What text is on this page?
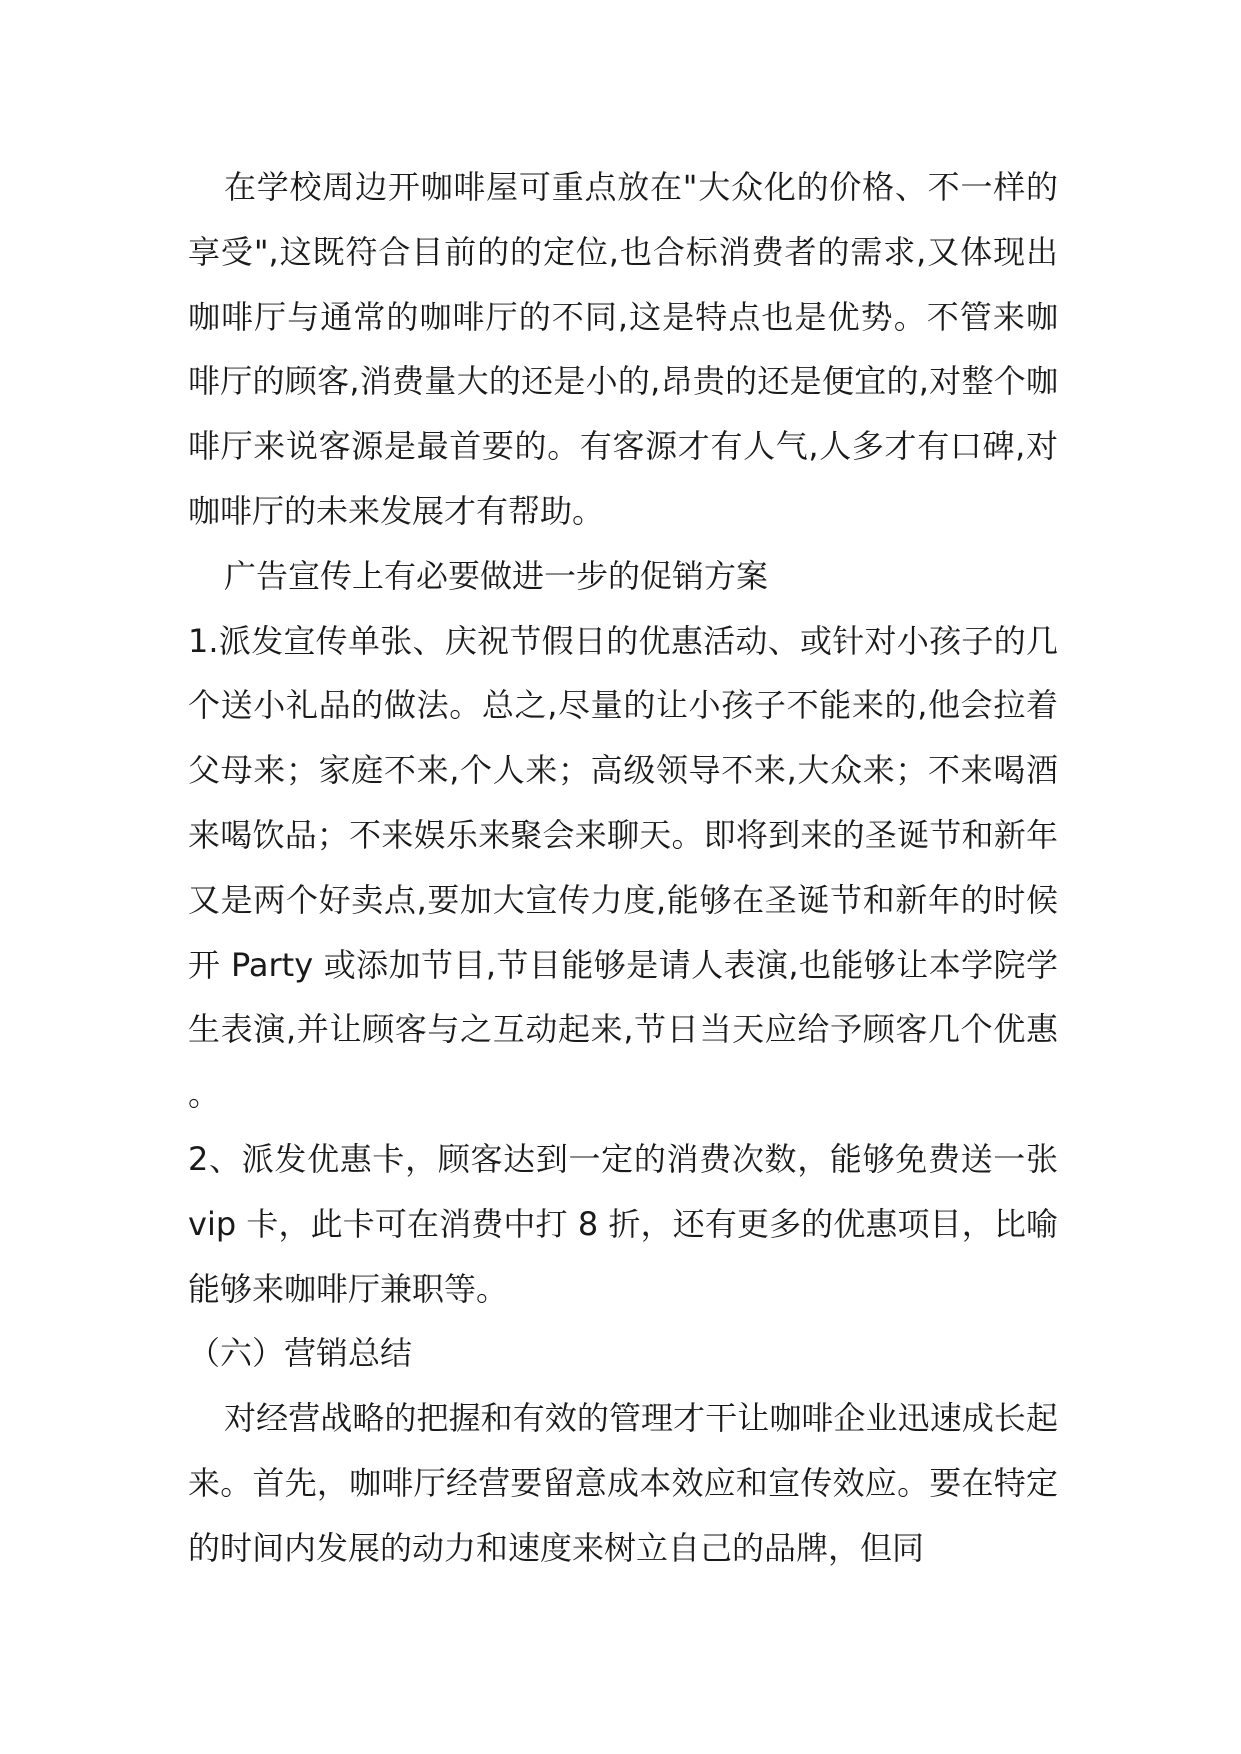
在学校周边开咖啡屋可重点放在"大众化的价格、不一样的享受",这既符合目前的的定位,也合标消费者的需求,又体现出咖啡厅与通常的咖啡厅的不同,这是特点也是优势。不管来咖啡厅的顾客,消费量大的还是小的,昂贵的还是便宜的,对整个咖啡厅来说客源是最首要的。有客源才有人气,人多才有口碑,对咖啡厅的未来发展才有帮助。

广告宣传上有必要做进一步的促销方案

1.派发宣传单张、庆祝节假日的优惠活动、或针对小孩子的几个送小礼品的做法。总之,尽量的让小孩子不能来的,他会拉着父母来；家庭不来,个人来；高级领导不来,大众来；不来喝酒来喝饮品；不来娱乐来聚会来聊天。即将到来的圣诞节和新年又是两个好卖点,要加大宣传力度,能够在圣诞节和新年的时候开 Party 或添加节目,节目能够是请人表演,也能够让本学院学生表演,并让顾客与之互动起来,节日当天应给予顾客几个优惠。

2、派发优惠卡，顾客达到一定的消费次数，能够免费送一张 vip 卡，此卡可在消费中打 8 折，还有更多的优惠项目，比喻能够来咖啡厅兼职等。

（六）营销总结

对经营战略的把握和有效的管理才干让咖啡企业迅速成长起来。首先，咖啡厅经营要留意成本效应和宣传效应。要在特定的时间内发展的动力和速度来树立自己的品牌，但同
